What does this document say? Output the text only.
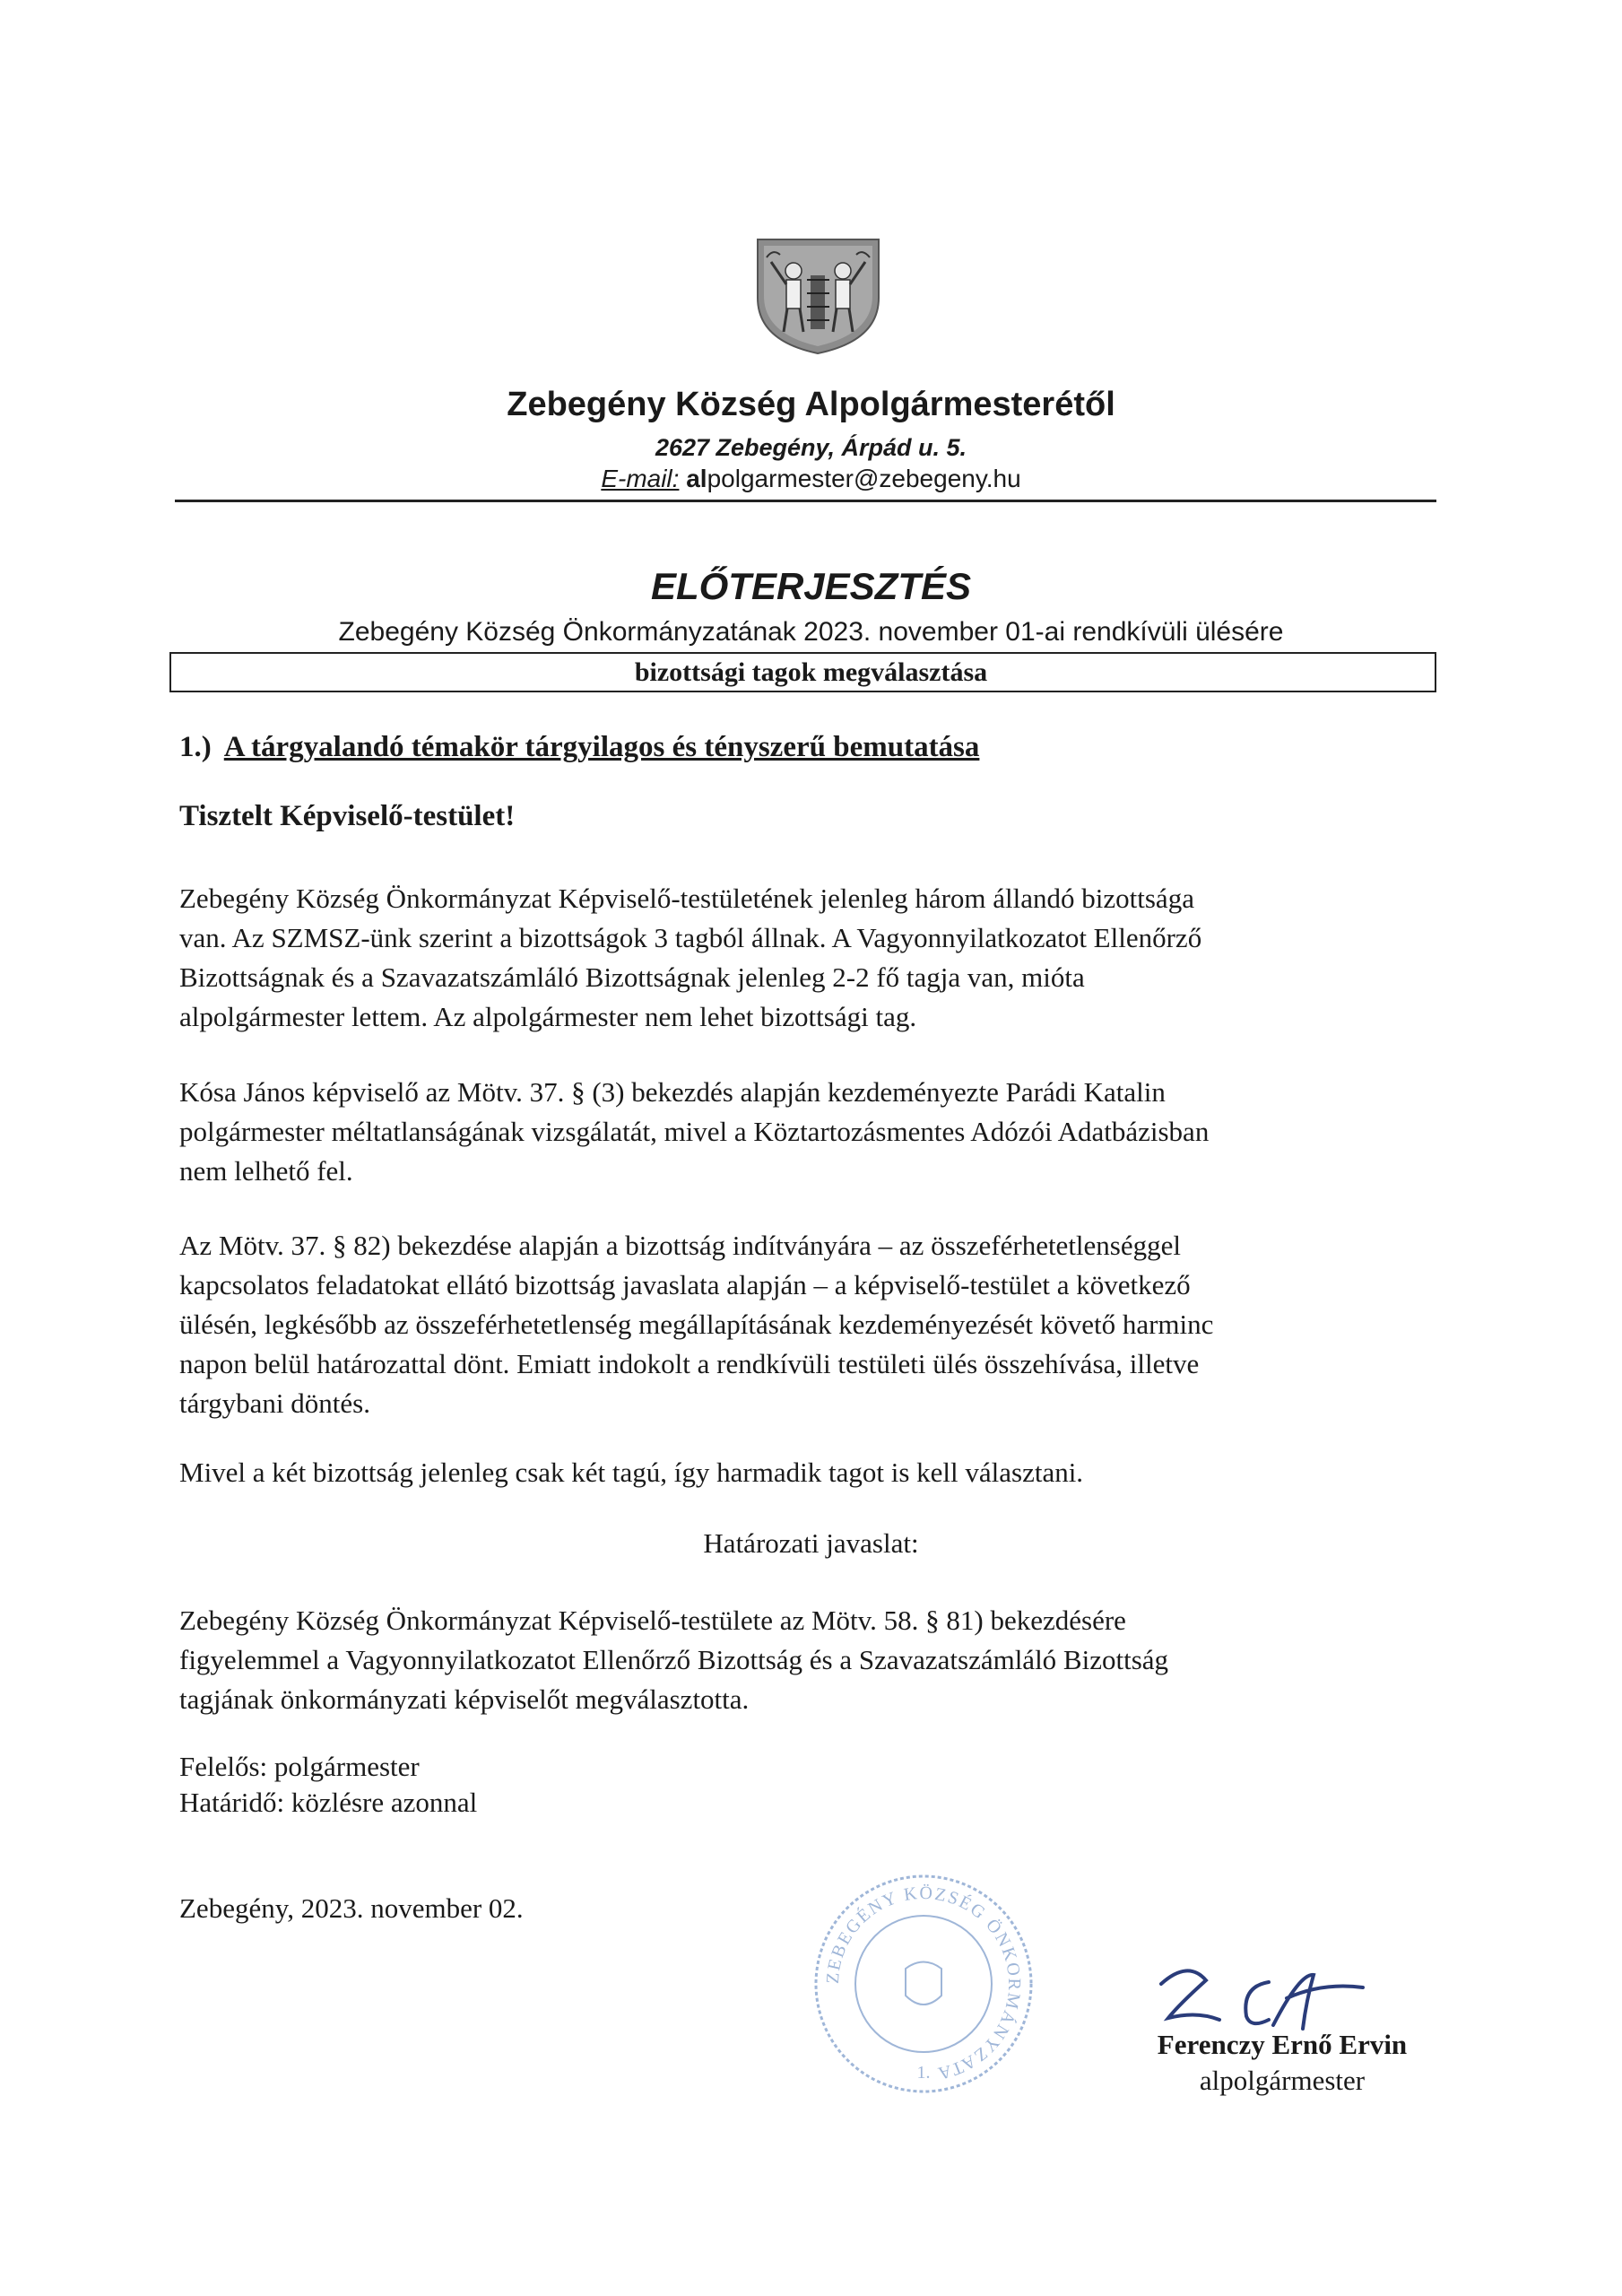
Zebegény Község Alpolgármesterétől
2627 Zebegény, Árpád u. 5.
E-mail: alpolgarmester@zebegeny.hu
ELŐTERJESZTÉS
Zebegény Község Önkormányzatának 2023. november 01-ai rendkívüli ülésére
bizottsági tagok megválasztása
1.) A tárgyalandó témakör tárgyilagos és tényszerű bemutatása
Tisztelt Képviselő-testület!
Zebegény Község Önkormányzat Képviselő-testületének jelenleg három állandó bizottsága
van. Az SZMSZ-ünk szerint a bizottságok 3 tagból állnak. A Vagyonnyilatkozatot Ellenőrző
Bizottságnak és a Szavazatszámláló Bizottságnak jelenleg 2-2 fő tagja van, mióta
alpolgármester lettem. Az alpolgármester nem lehet bizottsági tag.
Kósa János képviselő az Mötv. 37. § (3) bekezdés alapján kezdeményezte Parádi Katalin
polgármester méltatlanságának vizsgálatát, mivel a Köztartozásmentes Adózói Adatbázisban
nem lelhető fel.
Az Mötv. 37. § 82) bekezdése alapján a bizottság indítványára – az összeférhetetlenséggel
kapcsolatos feladatokat ellátó bizottság javaslata alapján – a képviselő-testület a következő
ülésén, legkésőbb az összeférhetetlenség megállapításának kezdeményezését követő harminc
napon belül határozattal dönt. Emiatt indokolt a rendkívüli testületi ülés összehívása, illetve
tárgybani döntés.
Mivel a két bizottság jelenleg csak két tagú, így harmadik tagot is kell választani.
Határozati javaslat:
Zebegény Község Önkormányzat Képviselő-testülete az Mötv. 58. § 81) bekezdésére
figyelemmel a Vagyonnyilatkozatot Ellenőrző Bizottság és a Szavazatszámláló Bizottság
tagjának önkormányzati képviselőt megválasztotta.
Felelős: polgármester
Határidő: közlésre azonnal
Zebegény, 2023. november 02.
ZEBEGÉNY KÖZSÉG ÖNKORMÁNYZATA
1.
Ferenczy Ernő Ervin
alpolgármester
